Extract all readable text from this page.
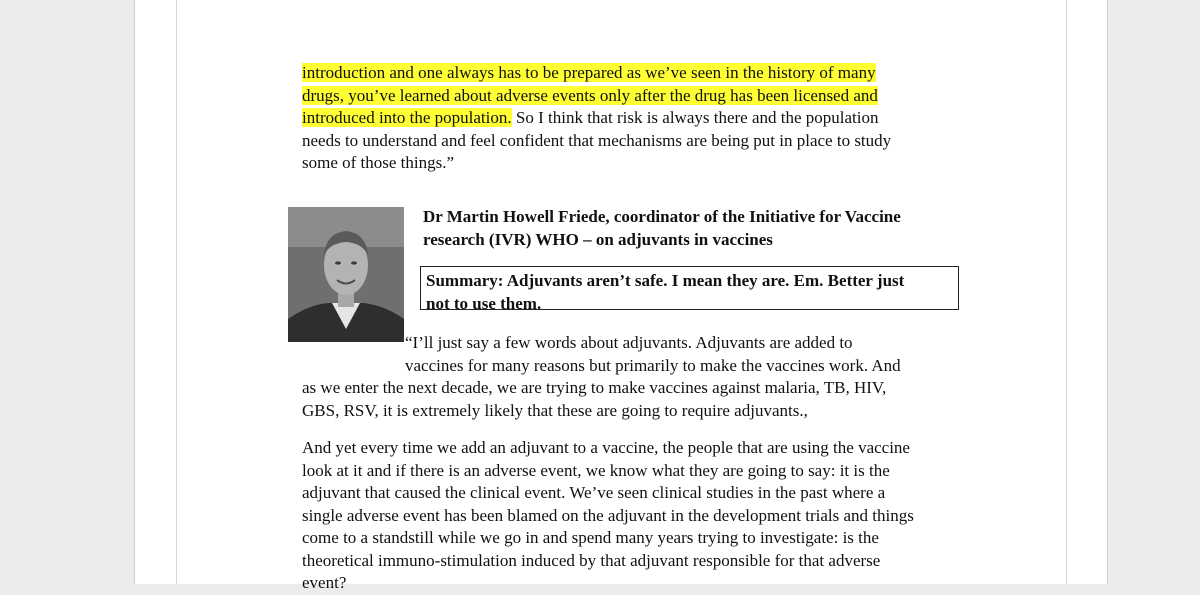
introduction and one always has to be prepared as we’ve seen in the history of many
drugs, you’ve learned about adverse events only after the drug has been licensed and
introduced into the population. So I think that risk is always there and the population
needs to understand and feel confident that mechanisms are being put in place to study
some of those things.”
Dr Martin Howell Friede, coordinator of the Initiative for Vaccine
research (IVR) WHO – on adjuvants in vaccines
Summary: Adjuvants aren’t safe. I mean they are. Em. Better just
not to use them.
“I’ll just say a few words about adjuvants. Adjuvants are added to
vaccines for many reasons but primarily to make the vaccines work. And
as we enter the next decade, we are trying to make vaccines against malaria, TB, HIV,
GBS, RSV, it is extremely likely that these are going to require adjuvants.,
And yet every time we add an adjuvant to a vaccine, the people that are using the vaccine
look at it and if there is an adverse event, we know what they are going to say: it is the
adjuvant that caused the clinical event. We’ve seen clinical studies in the past where a
single adverse event has been blamed on the adjuvant in the development trials and things
come to a standstill while we go in and spend many years trying to investigate: is the
theoretical immuno-stimulation induced by that adjuvant responsible for that adverse
event?
